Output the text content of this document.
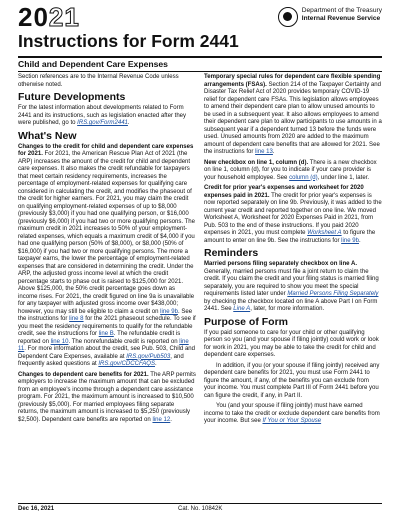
2021	Department of the Treasury
Internal Revenue Service
Instructions for Form 2441
Child and Dependent Care Expenses

Section references are to the Internal Revenue Code unless otherwise noted.

Future Developments

For the latest information about developments related to Form 2441 and its instructions, such as legislation enacted after they were published, go to IRS.gov/Form2441.

What's New

Changes to the credit for child and dependent care expenses for 2021. For 2021, the American Rescue Plan Act of 2021 (the ARP) increases the amount of the credit for child and dependent care expenses. It also makes the credit refundable for taxpayers that meet certain residency requirements, increases the percentage of employment-related expenses for qualifying care considered in calculating the credit, and modifies the phaseout of the credit for higher earners. For 2021, you may claim the credit on qualifying employment-related expenses of up to $8,000 (previously $3,000) if you had one qualifying person, or $16,000 (previously $6,000) if you had two or more qualifying persons. The maximum credit in 2021 increases to 50% of your employment-related expenses, which equals a maximum credit of $4,000 if you had one qualifying person (50% of $8,000), or $8,000 (50% of $16,000) if you had two or more qualifying persons. The more a taxpayer earns, the lower the percentage of employment-related expenses that are considered in determining the credit. Under the ARP, the adjusted gross income level at which the credit percentage starts to phase out is raised to $125,000 for 2021. Above $125,000, the 50% credit percentage goes down as income rises. For 2021, the credit figured on line 9a is unavailable for any taxpayer with adjusted gross income over $438,000; however, you may still be eligible to claim a credit on line 9b. See the instructions for line 8 for the 2021 phaseout schedule. To see if you meet the residency requirements to qualify for the refundable credit, see the instructions for line B. The refundable credit is reported on line 10. The nonrefundable credit is reported on line 11. For more information about the credit, see Pub. 503, Child and Dependent Care Expenses, available at IRS.gov/Pub503, and frequently asked questions at IRS.gov/CDCCFAQS.

Changes to dependent care benefits for 2021. The ARP permits employers to increase the maximum amount that can be excluded from an employee's income through a dependent care assistance program. For 2021, the maximum amount is increased to $10,500 (previously $5,000). For married employees filing separate returns, the maximum amount is increased to $5,250 (previously $2,500). Dependent care benefits are reported on line 12.

Temporary special rules for dependent care flexible spending arrangements (FSAs). Section 214 of the Taxpayer Certainty and Disaster Tax Relief Act of 2020 provides temporary COVID-19 relief for dependent care FSAs. This legislation allows employees to amend their dependent care plan to allow unused amounts to be used in a subsequent year. It also allows employees to amend their dependent care plan to allow participants to use amounts in a subsequent year if a dependent turned 13 before the funds were used. Unused amounts from 2020 are added to the maximum amount of dependent care benefits that are allowed for 2021. See the instructions for line 13.

New checkbox on line 1, column (d). There is a new checkbox on line 1, column (d), for you to indicate if your care provider is your household employee. See column (d), under line 1, later.

Credit for prior year's expenses and worksheet for 2020 expenses paid in 2021. The credit for prior year's expenses is now reported separately on line 9b. Previously, it was added to the current year credit and reported together on one line. We moved Worksheet A, Worksheet for 2020 Expenses Paid in 2021, from Pub. 503 to the end of these instructions. If you paid 2020 expenses in 2021, you must complete Worksheet A to figure the amount to enter on line 9b. See the instructions for line 9b.

Reminders

Married persons filing separately checkbox on line A. Generally, married persons must file a joint return to claim the credit. If you claim the credit and your filing status is married filing separately, you are required to show you meet the special requirements listed later under Married Persons Filing Separately by checking the checkbox located on line A above Part I on Form 2441. See Line A, later, for more information.

Purpose of Form

If you paid someone to care for your child or other qualifying person so you (and your spouse if filing jointly) could work or look for work in 2021, you may be able to take the credit for child and dependent care expenses.

In addition, if you (or your spouse if filing jointly) received any dependent care benefits for 2021, you must use Form 2441 to figure the amount, if any, of the benefits you can exclude from your income. You must complete Part III of Form 2441 before you can figure the credit, if any, in Part II.

You (and your spouse if filing jointly) must have earned income to take the credit or exclude dependent care benefits from your income. But see If You or Your Spouse

Dec 16, 2021	Cat. No. 10842K
